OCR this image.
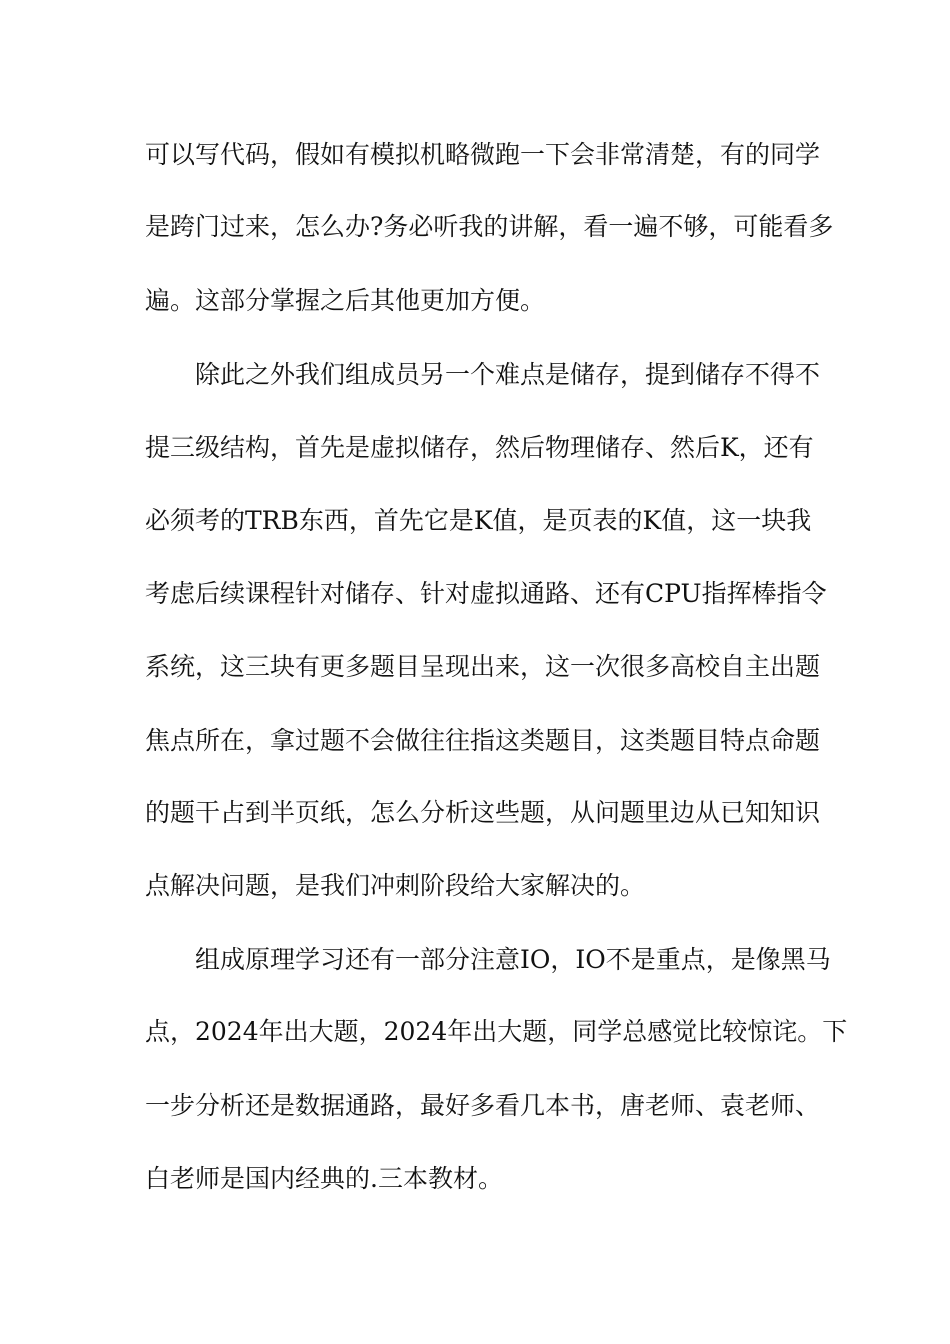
可以写代码，假如有模拟机略微跑一下会非常清楚，有的同学
是跨门过来，怎么办?务必听我的讲解，看一遍不够，可能看多
遍。这部分掌握之后其他更加方便。
除此之外我们组成员另一个难点是储存，提到储存不得不
提三级结构，首先是虚拟储存，然后物理储存、然后K，还有
必须考的TRB东西，首先它是K值，是页表的K值，这一块我
考虑后续课程针对储存、针对虚拟通路、还有CPU指挥棒指令
系统，这三块有更多题目呈现出来，这一次很多高校自主出题
焦点所在，拿过题不会做往往指这类题目，这类题目特点命题
的题干占到半页纸，怎么分析这些题，从问题里边从已知知识
点解决问题，是我们冲刺阶段给大家解决的。
组成原理学习还有一部分注意IO，IO不是重点，是像黑马
点，2024年出大题，2024年出大题，同学总感觉比较惊诧。下
一步分析还是数据通路，最好多看几本书，唐老师、袁老师、
白老师是国内经典的.三本教材。
